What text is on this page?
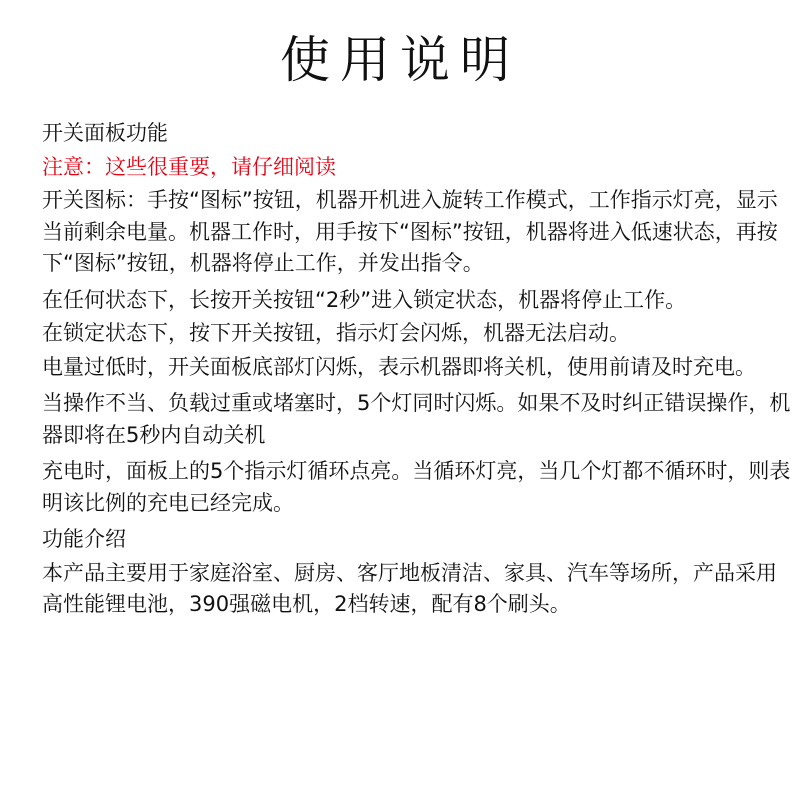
使用说明

开关面板功能

注意：这些很重要，请仔细阅读

开关图标：手按“图标”按钮，机器开机进入旋转工作模式，工作指示灯亮，显示当前剩余电量。机器工作时，用手按下“图标”按钮，机器将进入低速状态，再按下“图标”按钮，机器将停止工作，并发出指令。

在任何状态下，长按开关按钮“2秒”进入锁定状态，机器将停止工作。

在锁定状态下，按下开关按钮，指示灯会闪烁，机器无法启动。

电量过低时，开关面板底部灯闪烁，表示机器即将关机，使用前请及时充电。

当操作不当、负载过重或堵塞时，5个灯同时闪烁。如果不及时纠正错误操作，机器即将在5秒内自动关机

充电时，面板上的5个指示灯循环点亮。当循环灯亮，当几个灯都不循环时，则表明该比例的充电已经完成。

功能介绍

本产品主要用于家庭浴室、厨房、客厅地板清洁、家具、汽车等场所，产品采用高性能锂电池，390强磁电机，2档转速，配有8个刷头。
